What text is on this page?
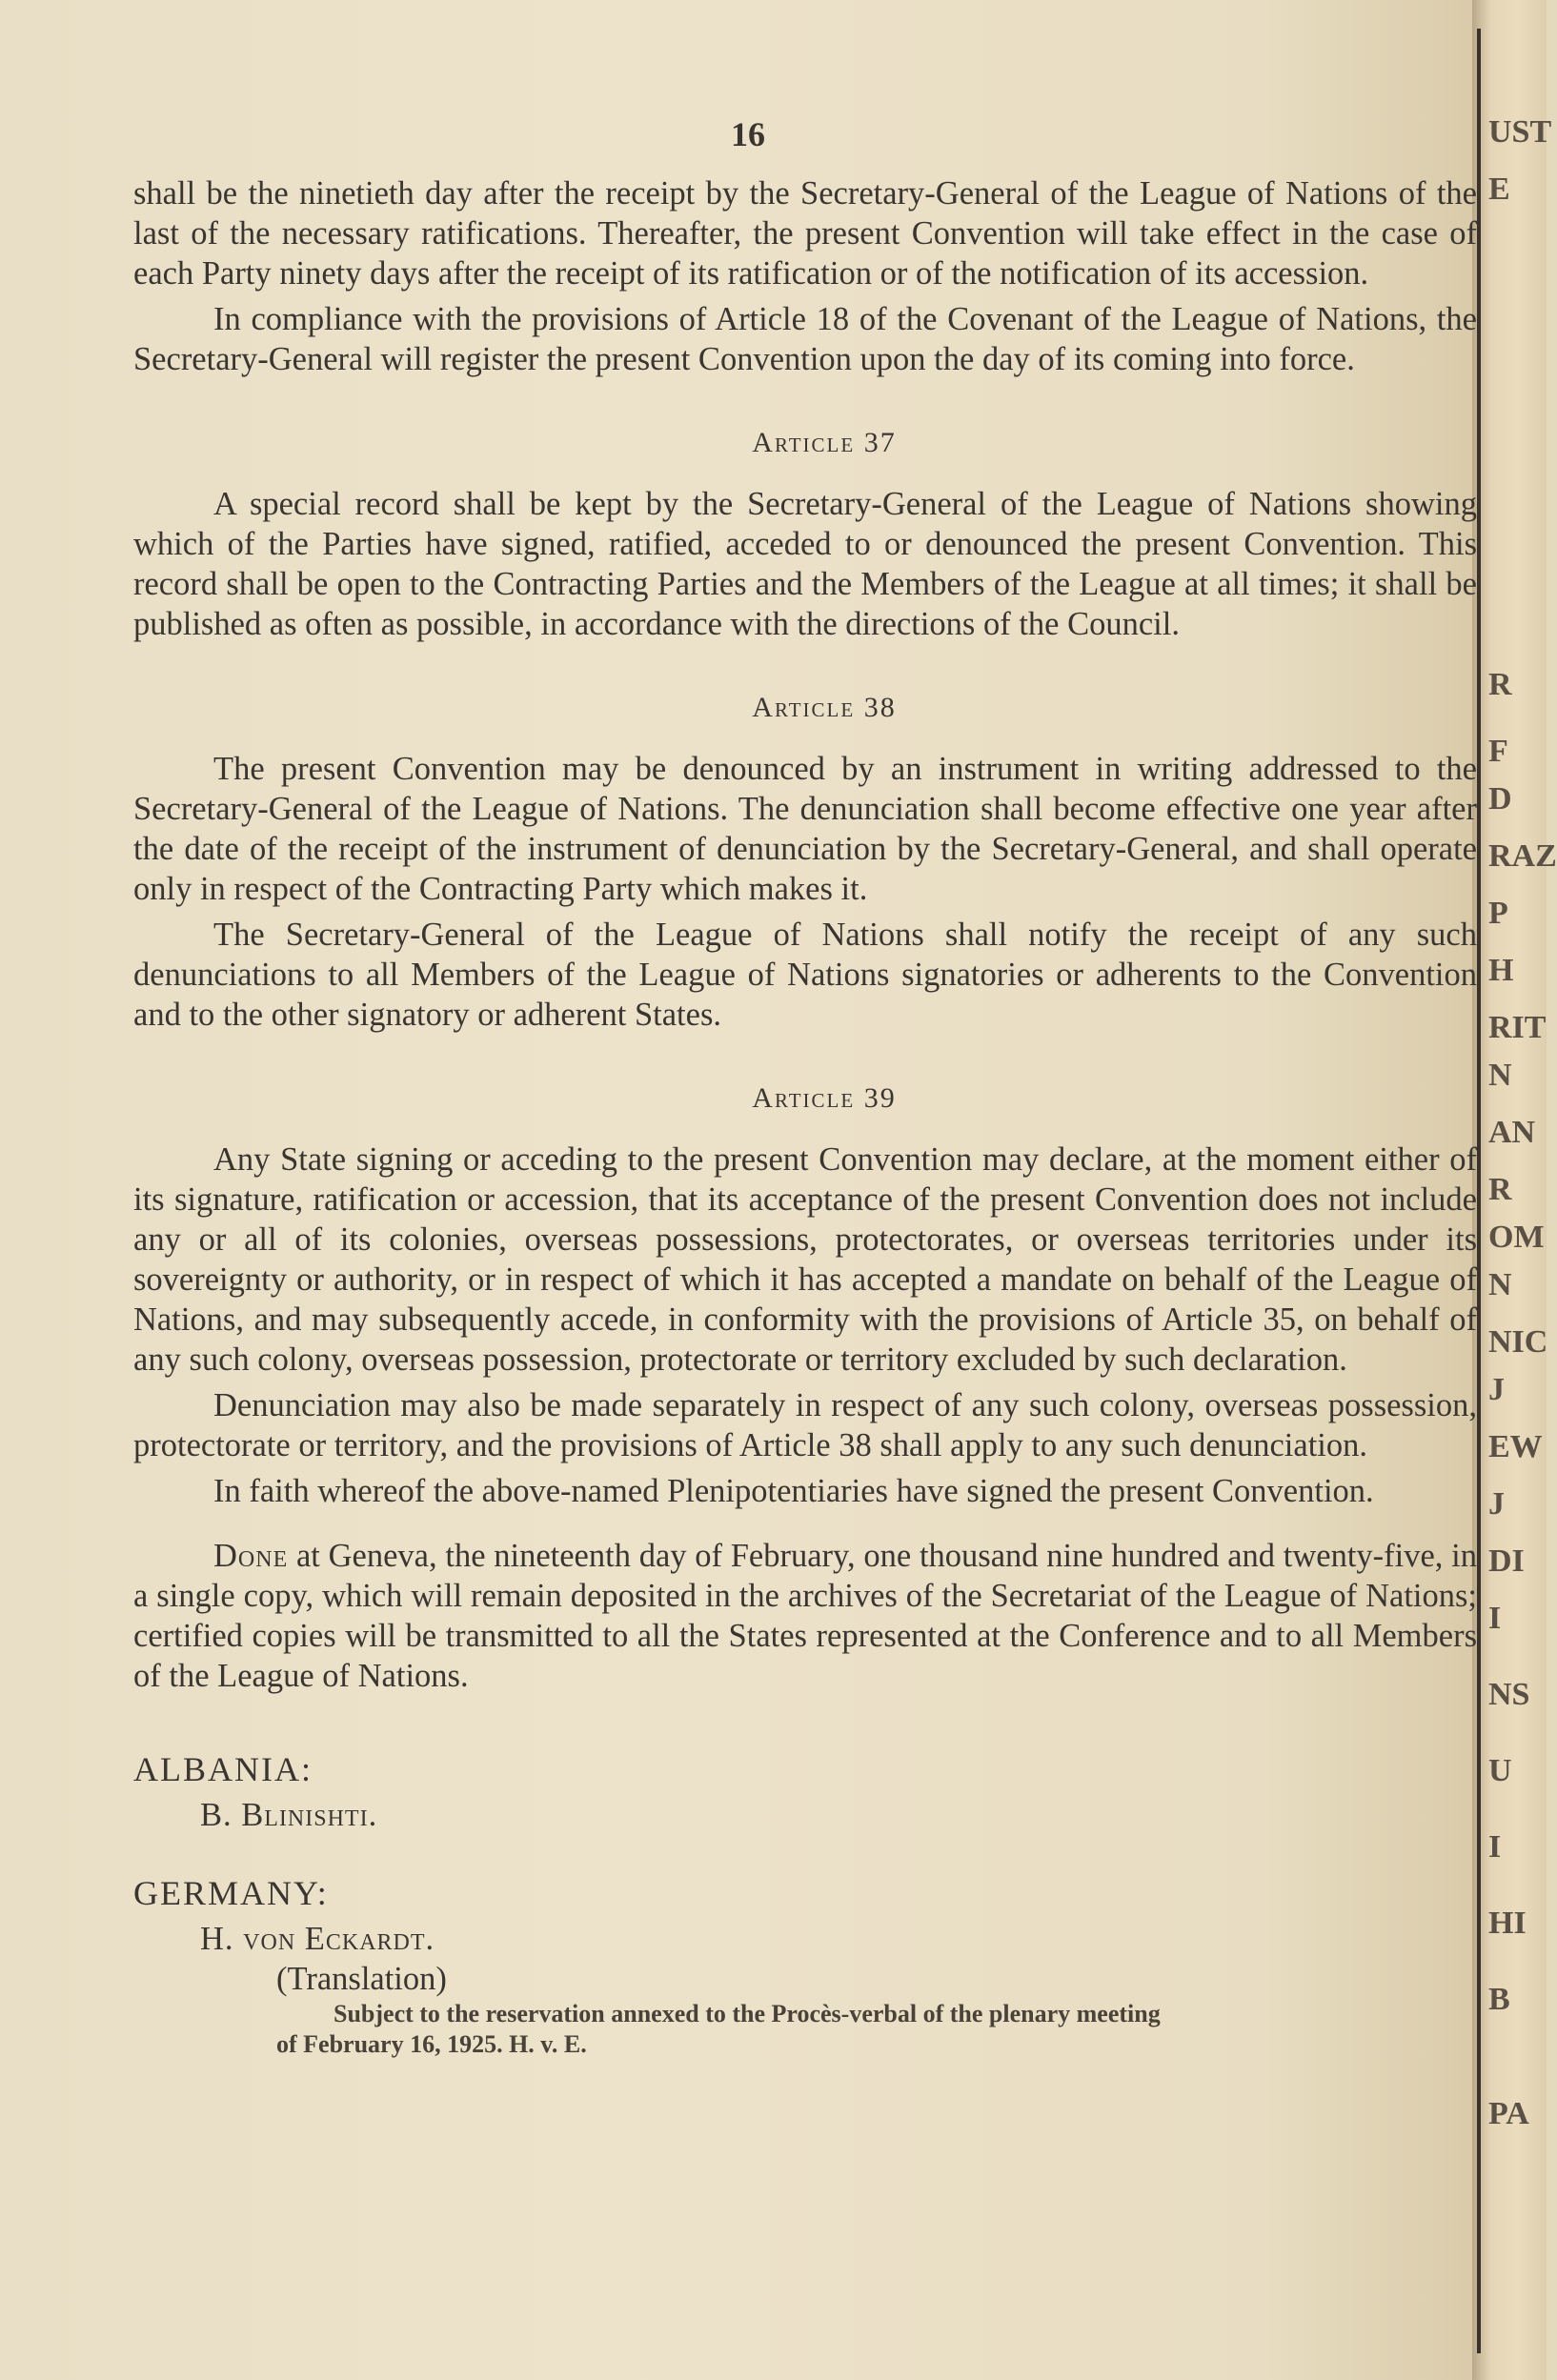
UST
E
R
F
D
RAZ
P
H
RIT
N
AN
R
OM
N
NIC
J
EW
J
DI
I
NS
U
I
HI
B
PA
16

shall be the ninetieth day after the receipt by the Secretary-General of the League of Nations of the last of the necessary ratifications. Thereafter, the present Convention will take effect in the case of each Party ninety days after the receipt of its ratification or of the notification of its accession.

In compliance with the provisions of Article 18 of the Covenant of the League of Nations, the Secretary-General will register the present Convention upon the day of its coming into force.

Article 37

A special record shall be kept by the Secretary-General of the League of Nations showing which of the Parties have signed, ratified, acceded to or denounced the present Convention. This record shall be open to the Contracting Parties and the Members of the League at all times; it shall be published as often as possible, in accordance with the directions of the Council.

Article 38

The present Convention may be denounced by an instrument in writing addressed to the Secretary-General of the League of Nations. The denunciation shall become effective one year after the date of the receipt of the instrument of denunciation by the Secretary-General, and shall operate only in respect of the Contracting Party which makes it.

The Secretary-General of the League of Nations shall notify the receipt of any such denunciations to all Members of the League of Nations signatories or adherents to the Convention and to the other signatory or adherent States.

Article 39

Any State signing or acceding to the present Convention may declare, at the moment either of its signature, ratification or accession, that its acceptance of the present Convention does not include any or all of its colonies, overseas possessions, protectorates, or overseas territories under its sovereignty or authority, or in respect of which it has accepted a mandate on behalf of the League of Nations, and may subsequently accede, in conformity with the provisions of Article 35, on behalf of any such colony, overseas possession, protectorate or territory excluded by such declaration.

Denunciation may also be made separately in respect of any such colony, overseas possession, protectorate or territory, and the provisions of Article 38 shall apply to any such denunciation.

In faith whereof the above-named Plenipotentiaries have signed the present Convention.

Done at Geneva, the nineteenth day of February, one thousand nine hundred and twenty-five, in a single copy, which will remain deposited in the archives of the Secretariat of the League of Nations; certified copies will be transmitted to all the States represented at the Conference and to all Members of the League of Nations.

ALBANIA:
B. Blinishti.
GERMANY:
H. von Eckardt.
(Translation)
Subject to the reservation annexed to the Procès-verbal of the plenary meeting
of February 16, 1925. H. v. E.
